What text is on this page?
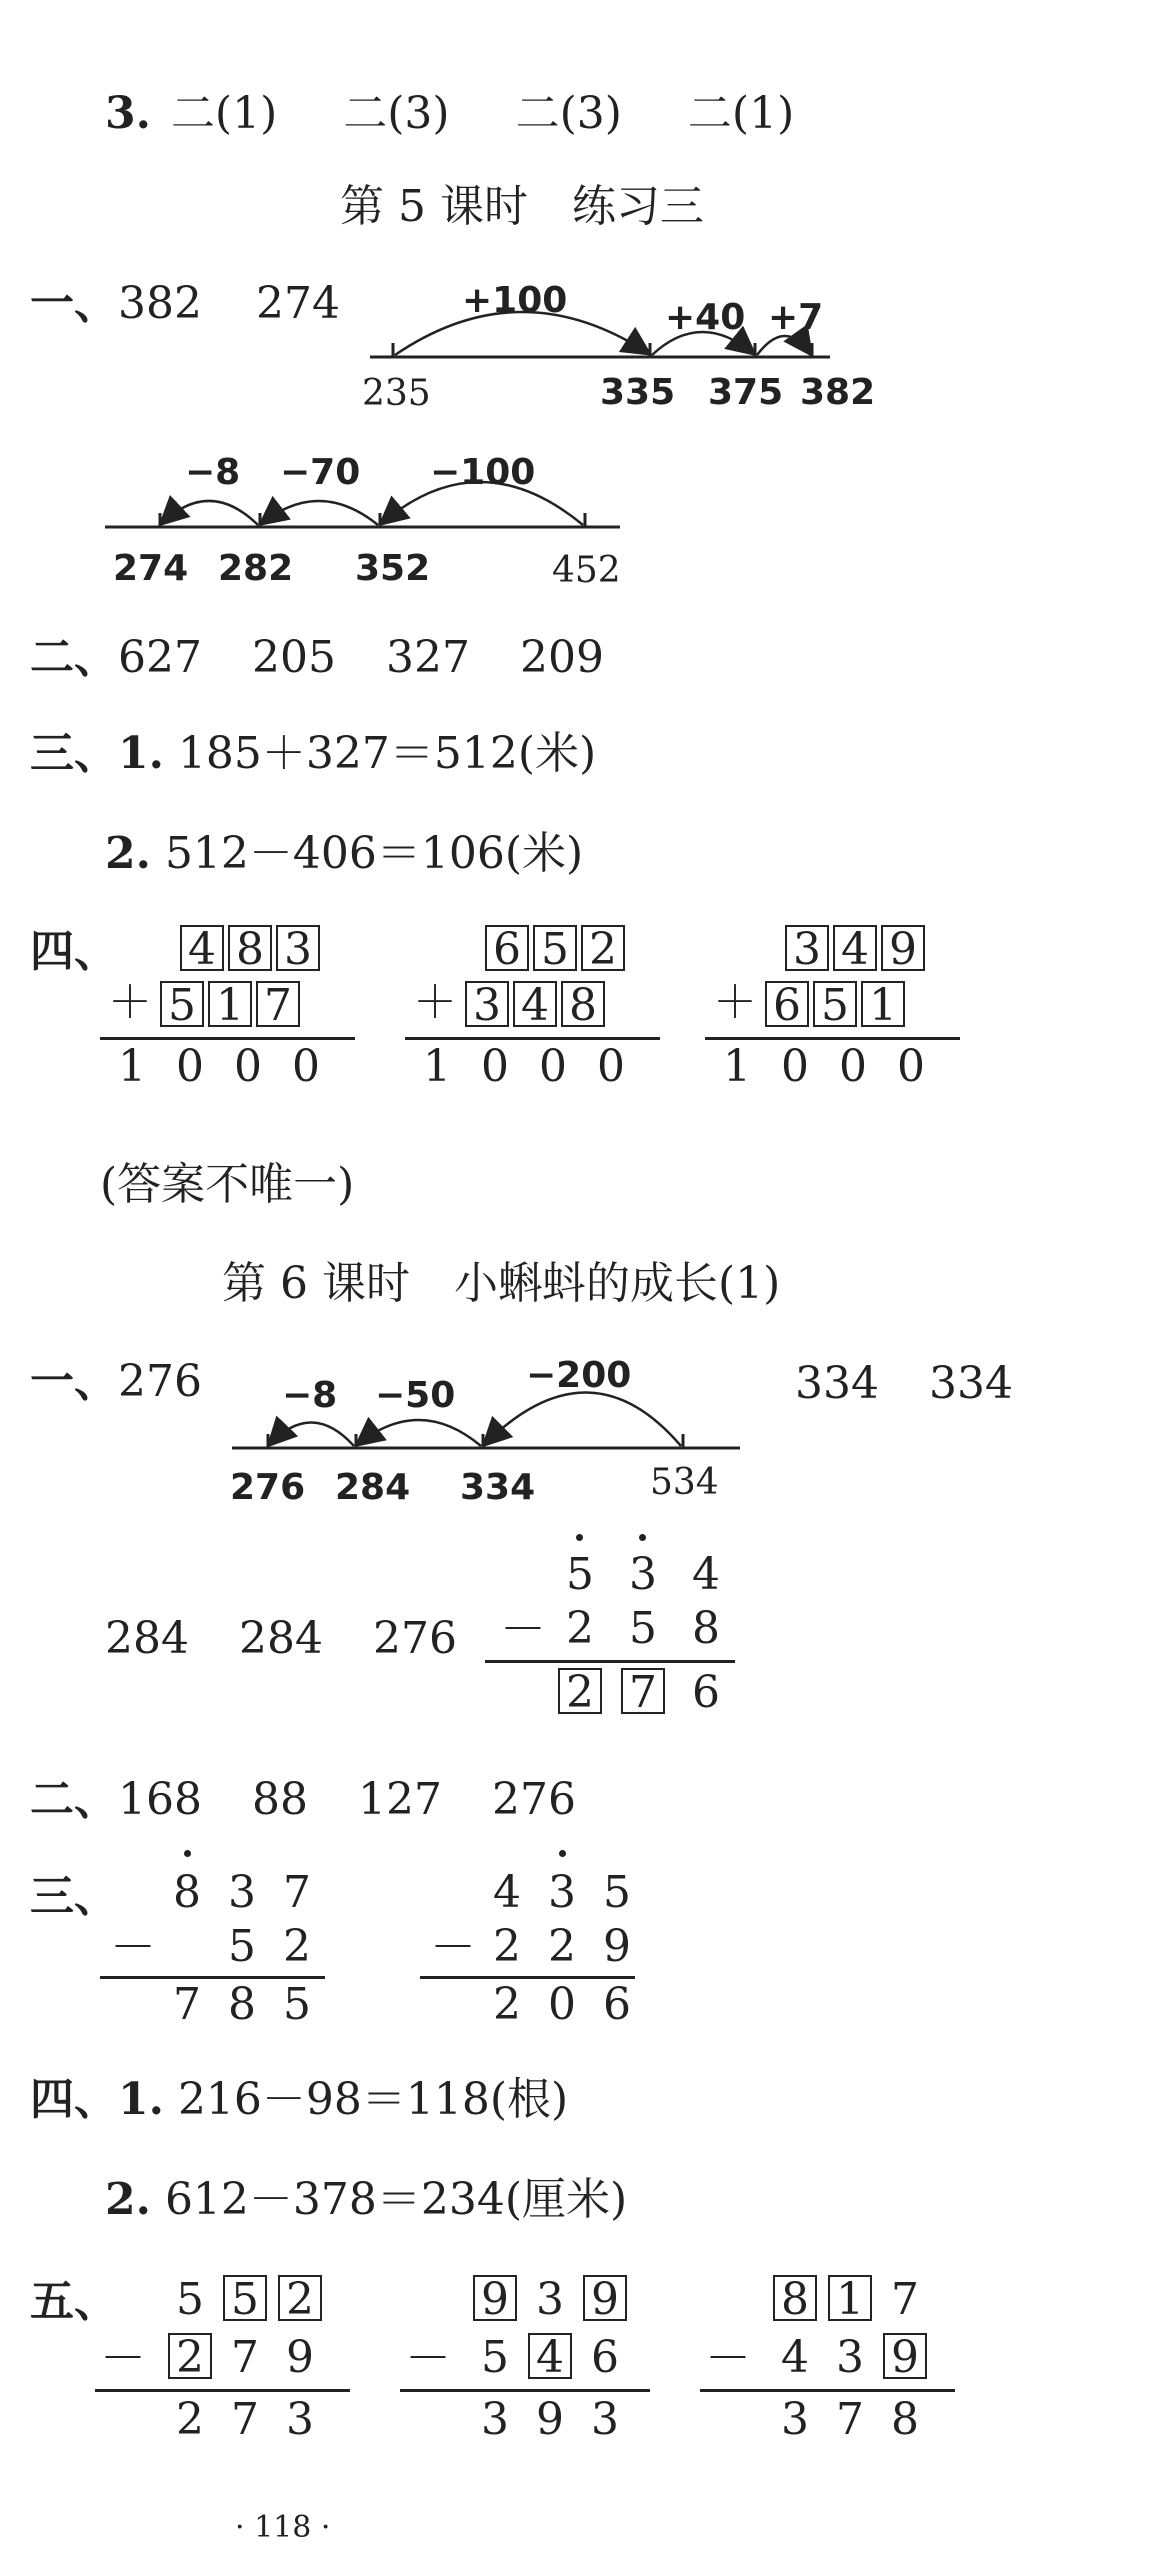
3. 二(1) 二(3) 二(3) 二(1)
第 5 课时　练习三
一、382 274	+100	+40 +7
235	335 375 382
−8 −70 −100
274 282 352	452
二、627 205 327 209
三、1. 185＋327＝512(米)
2. 512－406＝106(米)
四、 4 8 3
＋ 5 1 7
1000
6 5 2
＋ 3 4 8
1000
3 4 9
＋ 6 5 1
1000
(答案不唯一)
第 6 课时　小蝌蚪的成长(1)
一、276	334 334
−8 −50 −200
276 284 334	534
284 284 276
5 3 4
－ 2 5 8
2 7 6
二、168 88 127 276
三、	8 3 7
－	5 2
7 8 5
4 3 5
－ 2 2 9
2 0 6
四、1. 216－98＝118(根)
2. 612－378＝234(厘米)
五、	5 5 2
－ 2 7 9
2 7 3
9 3 9
－ 5 4 6
3 9 3
8 1 7
－ 4 3 9
3 7 8
· 118 ·
